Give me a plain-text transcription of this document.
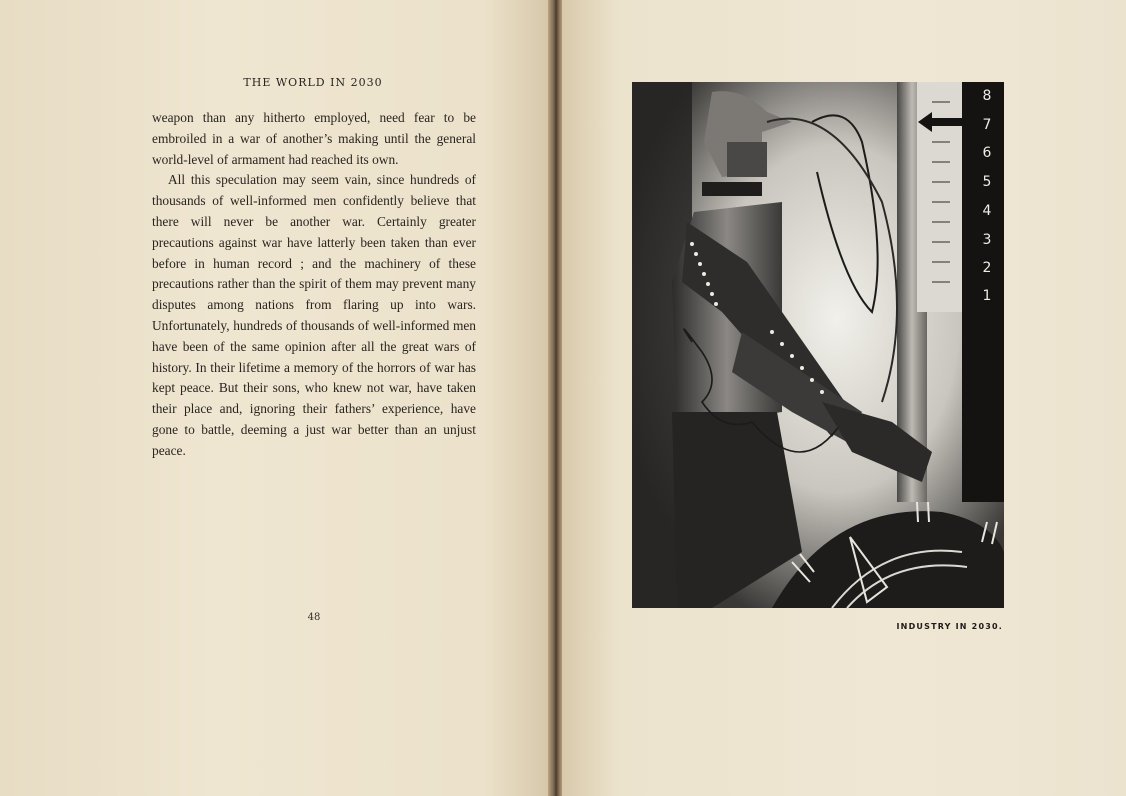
THE WORLD IN 2030

weapon than any hitherto employed, need fear to be embroiled in a war of another’s making until the general world-level of armament had reached its own.

All this speculation may seem vain, since hundreds of thousands of well-informed men confidently believe that there will never be another war. Certainly greater precautions against war have latterly been taken than ever before in human record ; and the machinery of these precautions rather than the spirit of them may prevent many disputes among nations from flaring up into wars. Unfortunately, hundreds of thousands of well-informed men have been of the same opinion after all the great wars of history. In their lifetime a memory of the horrors of war has kept peace. But their sons, who knew not war, have taken their place and, ignoring their fathers’ experience, have gone to battle, deeming a just war better than an unjust peace.

48
8
7
6
5
4
3
2
1
INDUSTRY IN 2030.
